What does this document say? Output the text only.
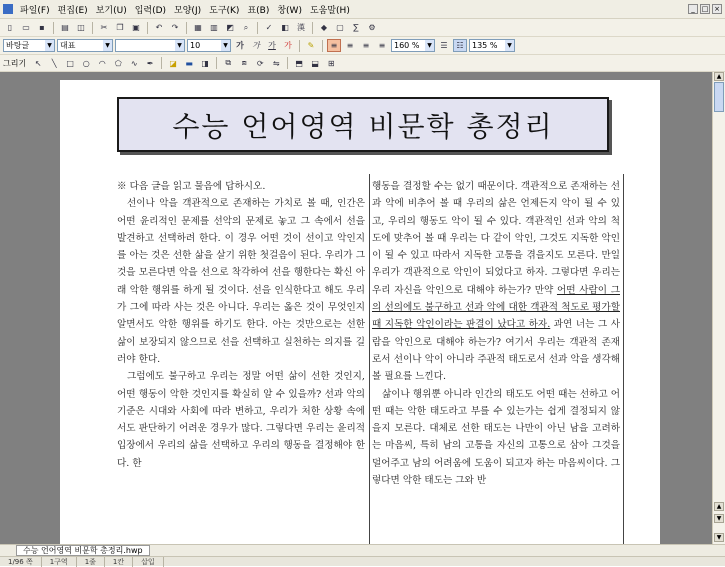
파일(F) 편집(E) 보기(U) 입력(D) 모양(J) 도구(K) 표(B) 창(W) 도움말(H)	_ □ ×
▯	▭	▪	▤	◫	✂	❐	▣	↶	↷	▦	▥	◩	⌕	✓	◧	漢	◆	▢	∑	⚙
바탕글	▼	대표	▼	▼	10	▼ 가 가 가	가	✎	≡	≡	≡	≡	160 %	▼	☰	☷	135 %	▼
그리기	↖	╲	□	○	◠	⬠	∿	✒	◪	▬	◨	⧉	⧈	⟳	⇋	⬒	⬓	⊞
수능 언어영역 비문학 총정리

※ 다음 글을 읽고 물음에 답하시오.

선이나 악을 객관적으로 존재하는 가치로 볼 때, 인간은 어떤 윤리적인 문제를 선악의 문제로 놓고 그 속에서 선을 발견하고 선택하려 한다. 이 경우 어떤 것이 선이고 악인지를 아는 것은 선한 삶을 살기 위한 첫걸음이 된다. 우리가 그것을 모른다면 악을 선으로 착각하여 선을 행한다는 확신 아래 악한 행위를 하게 될 것이다. 선을 인식한다고 해도 우리가 그에 따라 사는 것은 아니다. 우리는 옳은 것이 무엇인지 알면서도 악한 행위를 하기도 한다. 아는 것만으로는 선한 삶이 보장되지 않으므로 선을 선택하고 실천하는 의지를 길러야 한다.

그럼에도 불구하고 우리는 정말 어떤 삶이 선한 것인지, 어떤 행동이 악한 것인지를 확실히 알 수 있을까? 선과 악의 기준은 시대와 사회에 따라 변하고, 우리가 처한 상황 속에서도 판단하기 어려운 경우가 많다. 그렇다면 우리는 윤리적 입장에서 우리의 삶을 선택하고 우리의 행동을 결정해야 한다. 한

행동을 결정할 수는 없기 때문이다. 객관적으로 존재하는 선과 악에 비추어 볼 때 우리의 삶은 언제든지 악이 될 수 있고, 우리의 행동도 악이 될 수 있다. 객관적인 선과 악의 척도에 맞추어 볼 때 우리는 다 같이 악인, 그것도 지독한 악인이 될 수 있고 따라서 지독한 고통을 겪을지도 모른다. 만일 우리가 객관적으로 악인이 되었다고 하자. 그렇다면 우리는 우리 자신을 악인으로 대해야 하는가? 만약 어떤 사람이 그의 선의에도 불구하고 선과 악에 대한 객관적 척도로 평가할 때 지독한 악인이라는 판결이 났다고 하자. 과연 너는 그 사람을 악인으로 대해야 하는가? 여기서 우리는 객관적 존재로서 선이나 악이 아니라 주관적 태도로서 선과 악을 생각해 볼 필요를 느낀다.

삶이나 행위뿐 아니라 인간의 태도도 어떤 때는 선하고 어떤 때는 악한 태도라고 부를 수 있는가는 쉽게 결정되지 않을지 모른다. 대체로 선한 태도는 나만이 아닌 남을 고려하는 마음씨, 특히 남의 고통을 자신의 고통으로 삼아 그것을 덜어주고 남의 어려움에 도움이 되고자 하는 마음씨이다. 그렇다면 악한 태도는 그와 반

▲
▲
▼
▼
수능 언어영역 비문학 총정리.hwp
1/96 쪽	1구역	1줄	1칸	삽입
